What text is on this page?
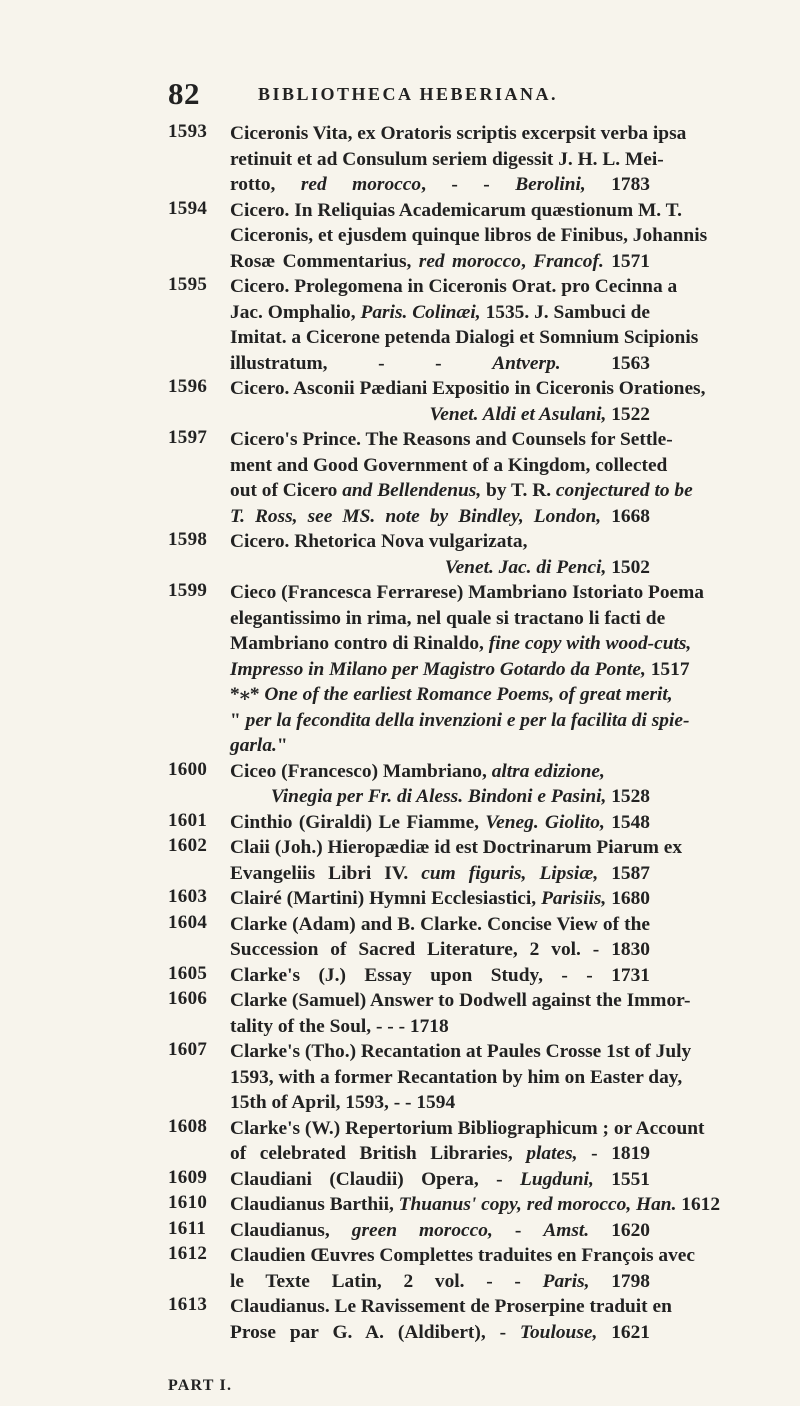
82	BIBLIOTHECA HEBERIANA.
1593	Ciceronis Vita, ex Oratoris scriptis excerpsit verba ipsa
retinuit et ad Consulum seriem digessit J. H. L. Mei-
rotto, red morocco, - - Berolini, 1783
1594	Cicero. In Reliquias Academicarum quæstionum M. T.
Ciceronis, et ejusdem quinque libros de Finibus, Johannis
Rosæ Commentarius, red morocco, Francof. 1571
1595	Cicero. Prolegomena in Ciceronis Orat. pro Cecinna a
Jac. Omphalio, Paris. Colinæi, 1535. J. Sambuci de
Imitat. a Cicerone petenda Dialogi et Somnium Scipionis
illustratum, - - Antverp. 1563
1596	Cicero. Asconii Pædiani Expositio in Ciceronis Orationes,
Venet. Aldi et Asulani, 1522
1597	Cicero's Prince. The Reasons and Counsels for Settle-
ment and Good Government of a Kingdom, collected
out of Cicero and Bellendenus, by T. R. conjectured to be
T. Ross, see MS. note by Bindley, London, 1668
1598	Cicero. Rhetorica Nova vulgarizata,
Venet. Jac. di Penci, 1502
1599	Cieco (Francesca Ferrarese) Mambriano Istoriato Poema
elegantissimo in rima, nel quale si tractano li facti de
Mambriano contro di Rinaldo, fine copy with wood-cuts,
Impresso in Milano per Magistro Gotardo da Ponte, 1517
*⁎* One of the earliest Romance Poems, of great merit,
" per la fecondita della invenzioni e per la facilita di spie-
garla."
1600	Ciceo (Francesco) Mambriano, altra edizione,
Vinegia per Fr. di Aless. Bindoni e Pasini, 1528
1601	Cinthio (Giraldi) Le Fiamme, Veneg. Giolito, 1548
1602	Claii (Joh.) Hieropædiæ id est Doctrinarum Piarum ex
Evangeliis Libri IV. cum figuris, Lipsiæ, 1587
1603	Clairé (Martini) Hymni Ecclesiastici, Parisiis, 1680
1604	Clarke (Adam) and B. Clarke. Concise View of the
Succession of Sacred Literature, 2 vol. - 1830
1605	Clarke's (J.) Essay upon Study, - - 1731
1606	Clarke (Samuel) Answer to Dodwell against the Immor-
tality of the Soul, - - - 1718
1607	Clarke's (Tho.) Recantation at Paules Crosse 1st of July
1593, with a former Recantation by him on Easter day,
15th of April, 1593, - - 1594
1608	Clarke's (W.) Repertorium Bibliographicum ; or Account
of celebrated British Libraries, plates, - 1819
1609	Claudiani (Claudii) Opera, - Lugduni, 1551
1610	Claudianus Barthii, Thuanus' copy, red morocco, Han. 1612
1611	Claudianus, green morocco, - Amst. 1620
1612	Claudien Œuvres Complettes traduites en François avec
le Texte Latin, 2 vol. - - Paris, 1798
1613	Claudianus. Le Ravissement de Proserpine traduit en
Prose par G. A. (Aldibert), - Toulouse, 1621
PART I.
